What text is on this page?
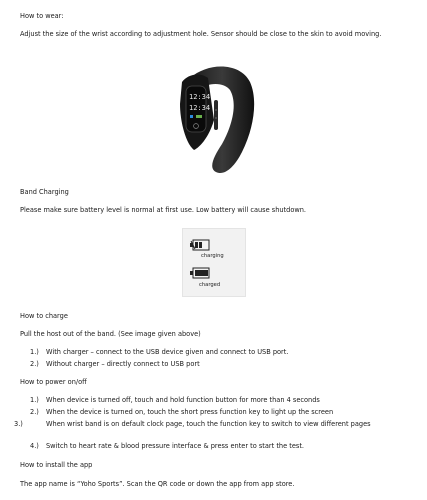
How to wear:

Adjust the size of the wrist according to adjustment hole. Sensor should be close to the skin to avoid moving.

12:34
12:34

Band Charging

Please make sure battery level is normal at first use. Low battery will cause shutdown.

charging
charged

How to charge

Pull the host out of the band. (See image given above)

1.) With charger – connect to the USB device given and connect to USB port.

2.) Without charger – directly connect to USB port

How to power on/off

1.) When device is turned off, touch and hold function button for more than 4 seconds

2.) When the device is turned on, touch the short press function key to light up the screen

3.)	When wrist band is on default clock page, touch the function key to switch to view different pages

4.) Switch to heart rate & blood pressure interface & press enter to start the test.

How to install the app

The app name is “Yoho Sports”. Scan the QR code or down the app from app store.
